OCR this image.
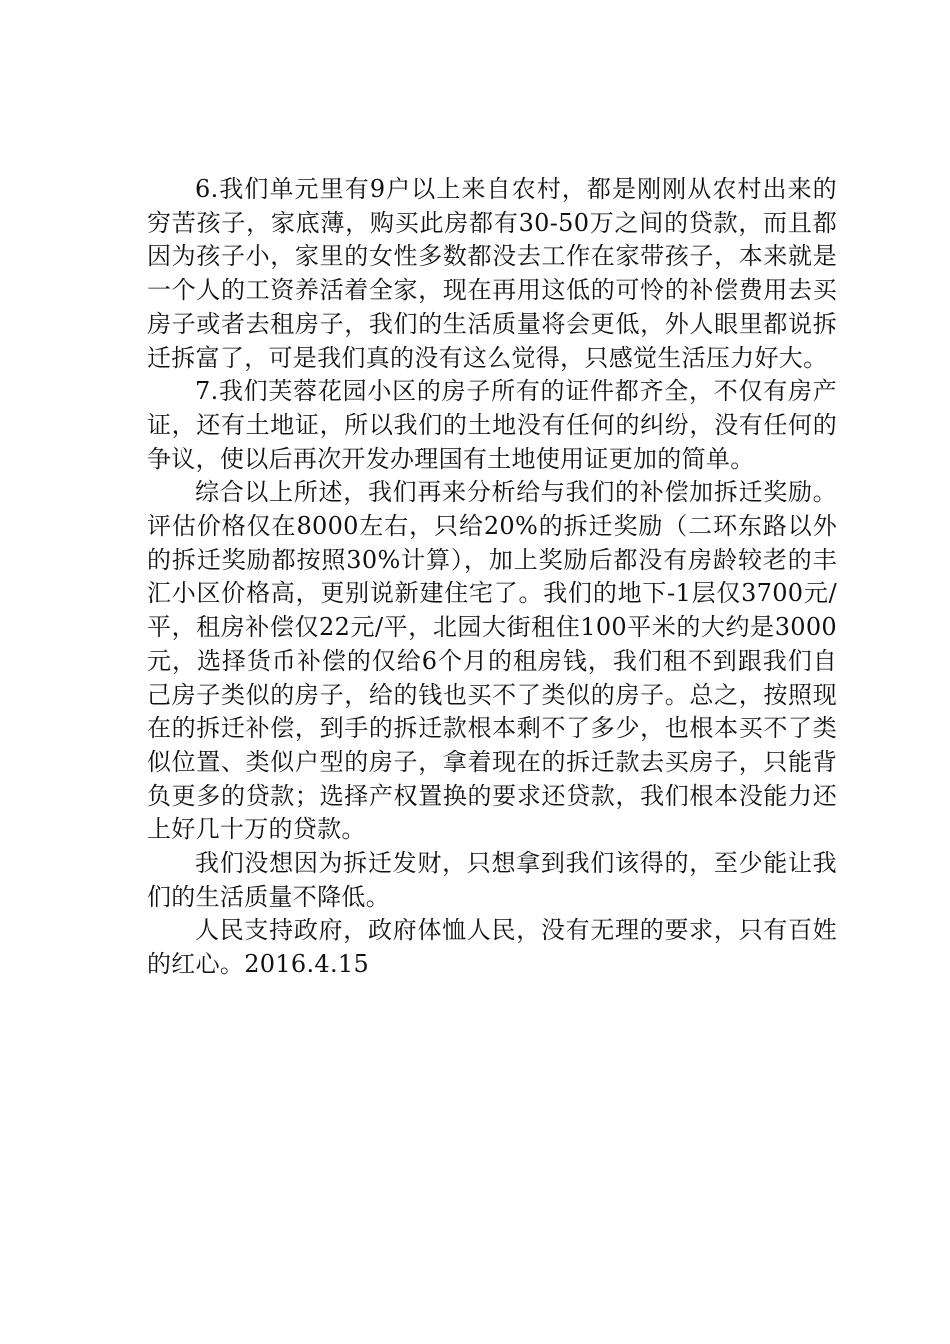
6.我们单元里有9户以上来自农村，都是刚刚从农村出来的穷苦孩子，家底薄，购买此房都有30-50万之间的贷款，而且都因为孩子小，家里的女性多数都没去工作在家带孩子，本来就是一个人的工资养活着全家，现在再用这低的可怜的补偿费用去买房子或者去租房子，我们的生活质量将会更低，外人眼里都说拆迁拆富了，可是我们真的没有这么觉得，只感觉生活压力好大。

7.我们芙蓉花园小区的房子所有的证件都齐全，不仅有房产证，还有土地证，所以我们的土地没有任何的纠纷，没有任何的争议，使以后再次开发办理国有土地使用证更加的简单。

综合以上所述，我们再来分析给与我们的补偿加拆迁奖励。评估价格仅在8000左右，只给20%的拆迁奖励（二环东路以外的拆迁奖励都按照30%计算），加上奖励后都没有房龄较老的丰汇小区价格高，更别说新建住宅了。我们的地下-1层仅3700元/平，租房补偿仅22元/平，北园大街租住100平米的大约是3000元，选择货币补偿的仅给6个月的租房钱，我们租不到跟我们自己房子类似的房子，给的钱也买不了类似的房子。总之，按照现在的拆迁补偿，到手的拆迁款根本剩不了多少，也根本买不了类似位置、类似户型的房子，拿着现在的拆迁款去买房子，只能背负更多的贷款；选择产权置换的要求还贷款，我们根本没能力还上好几十万的贷款。

我们没想因为拆迁发财，只想拿到我们该得的，至少能让我们的生活质量不降低。

人民支持政府，政府体恤人民，没有无理的要求，只有百姓的红心。2016.4.15
